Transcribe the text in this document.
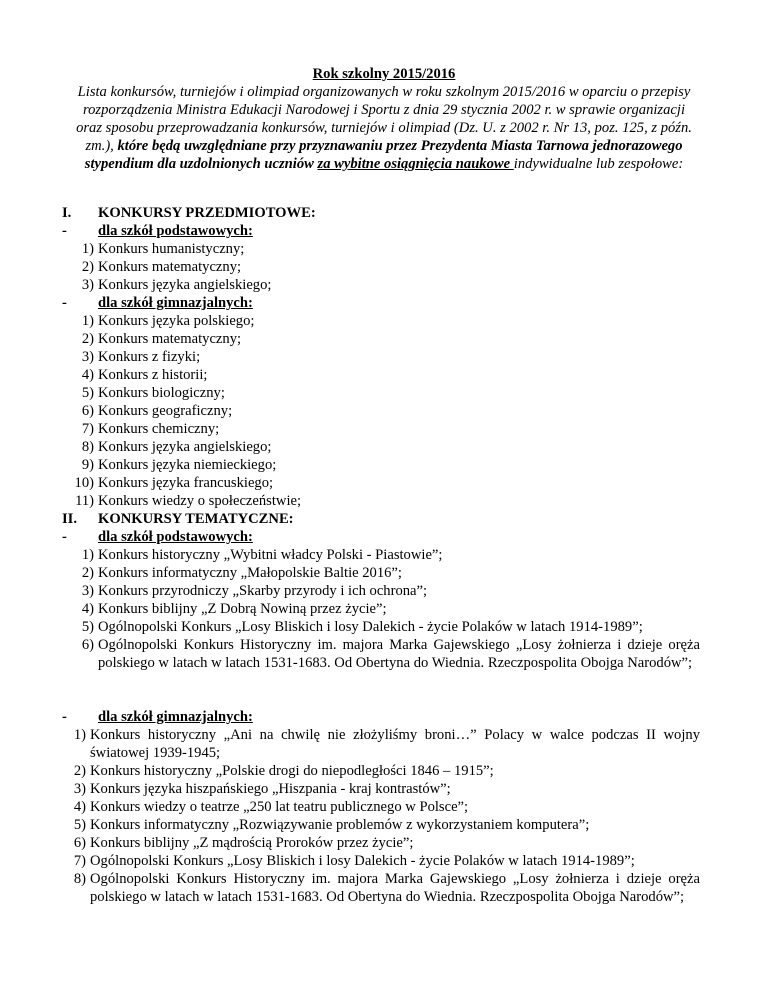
Rok szkolny 2015/2016
Lista konkursów, turniejów i olimpiad organizowanych w roku szkolnym 2015/2016 w oparciu o przepisy rozporządzenia Ministra Edukacji Narodowej i Sportu z dnia 29 stycznia 2002 r. w sprawie organizacji oraz sposobu przeprowadzania konkursów, turniejów i olimpiad (Dz. U. z 2002 r. Nr 13, poz. 125, z późn. zm.), które będą uwzględniane przy przyznawaniu przez Prezydenta Miasta Tarnowa jednorazowego stypendium dla uzdolnionych uczniów za wybitne osiągnięcia naukowe indywidualne lub zespołowe:
I. KONKURSY PRZEDMIOTOWE:
- dla szkół podstawowych:
1) Konkurs humanistyczny;
2) Konkurs matematyczny;
3) Konkurs języka angielskiego;
- dla szkół gimnazjalnych:
1) Konkurs języka polskiego;
2) Konkurs matematyczny;
3) Konkurs z fizyki;
4) Konkurs z historii;
5) Konkurs biologiczny;
6) Konkurs geograficzny;
7) Konkurs chemiczny;
8) Konkurs języka angielskiego;
9) Konkurs języka niemieckiego;
10) Konkurs języka francuskiego;
11) Konkurs wiedzy o społeczeństwie;
II. KONKURSY TEMATYCZNE:
- dla szkół podstawowych:
1) Konkurs historyczny „Wybitni władcy Polski - Piastowie”;
2) Konkurs informatyczny „Małopolskie Baltie 2016”;
3) Konkurs przyrodniczy „Skarby przyrody i ich ochrona”;
4) Konkurs biblijny „Z Dobrą Nowiną przez życie”;
5) Ogólnopolski Konkurs „Losy Bliskich i losy Dalekich - życie Polaków w latach 1914-1989”;
6) Ogólnopolski Konkurs Historyczny im. majora Marka Gajewskiego „Losy żołnierza i dzieje oręża polskiego w latach w latach 1531-1683. Od Obertyna do Wiednia. Rzeczpospolita Obojga Narodów”;
- dla szkół gimnazjalnych:
1) Konkurs historyczny „Ani na chwilę nie złożyliśmy broni…” Polacy w walce podczas II wojny światowej 1939-1945;
2) Konkurs historyczny „Polskie drogi do niepodległości 1846 – 1915”;
3) Konkurs języka hiszpańskiego „Hiszpania - kraj kontrastów”;
4) Konkurs wiedzy o teatrze „250 lat teatru publicznego w Polsce”;
5) Konkurs informatyczny „Rozwiązywanie problemów z wykorzystaniem komputera”;
6) Konkurs biblijny „Z mądrością Proroków przez życie”;
7) Ogólnopolski Konkurs „Losy Bliskich i losy Dalekich - życie Polaków w latach 1914-1989”;
8) Ogólnopolski Konkurs Historyczny im. majora Marka Gajewskiego „Losy żołnierza i dzieje oręża polskiego w latach w latach 1531-1683. Od Obertyna do Wiednia. Rzeczpospolita Obojga Narodów”;
